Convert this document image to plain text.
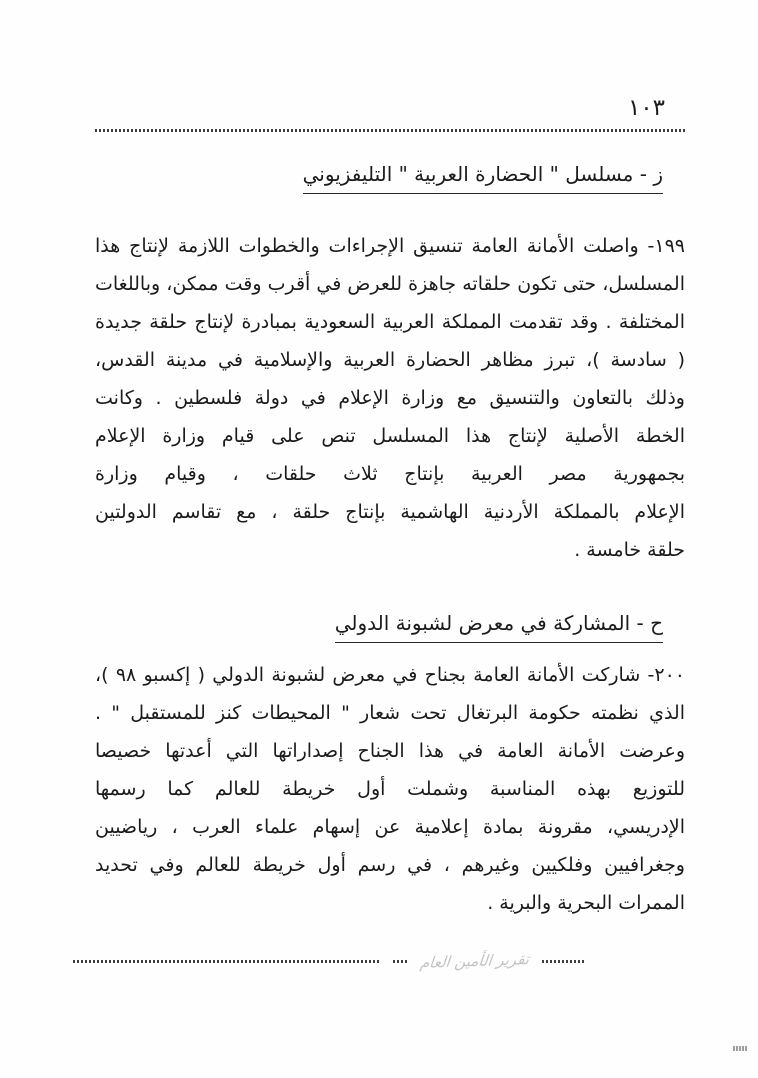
١٠٣
ز - مسلسل " الحضارة العربية " التليفزيوني
١٩٩- واصلت الأمانة العامة تنسيق الإجراءات والخطوات اللازمة لإنتاج هذا
المسلسل، حتى تكون حلقاته جاهزة للعرض في أقرب وقت ممكن، وباللغات
المختلفة . وقد تقدمت المملكة العربية السعودية بمبادرة لإنتاج حلقة جديدة
( سادسة )، تبرز مظاهر الحضارة العربية والإسلامية في مدينة القدس،
وذلك بالتعاون والتنسيق مع وزارة الإعلام في دولة فلسطين . وكانت
الخطة الأصلية لإنتاج هذا المسلسل تنص على قيام وزارة الإعلام
بجمهورية مصر العربية بإنتاج ثلاث حلقات ، وقيام وزارة
الإعلام بالمملكة الأردنية الهاشمية بإنتاج حلقة ، مع تقاسم الدولتين
حلقة خامسة .
ح - المشاركة في معرض لشبونة الدولي
٢٠٠- شاركت الأمانة العامة بجناح في معرض لشبونة الدولي ( إكسبو ٩٨ )،
الذي نظمته حكومة البرتغال تحت شعار " المحيطات كنز للمستقبل " .
وعرضت الأمانة العامة في هذا الجناح إصداراتها التي أعدتها خصيصا
للتوزيع بهذه المناسبة وشملت أول خريطة للعالم كما رسمها
الإدريسي، مقرونة بمادة إعلامية عن إسهام علماء العرب ، رياضيين
وجغرافيين وفلكيين وغيرهم ، في رسم أول خريطة للعالم وفي تحديد
الممرات البحرية والبرية .
تقرير الأمين العام
